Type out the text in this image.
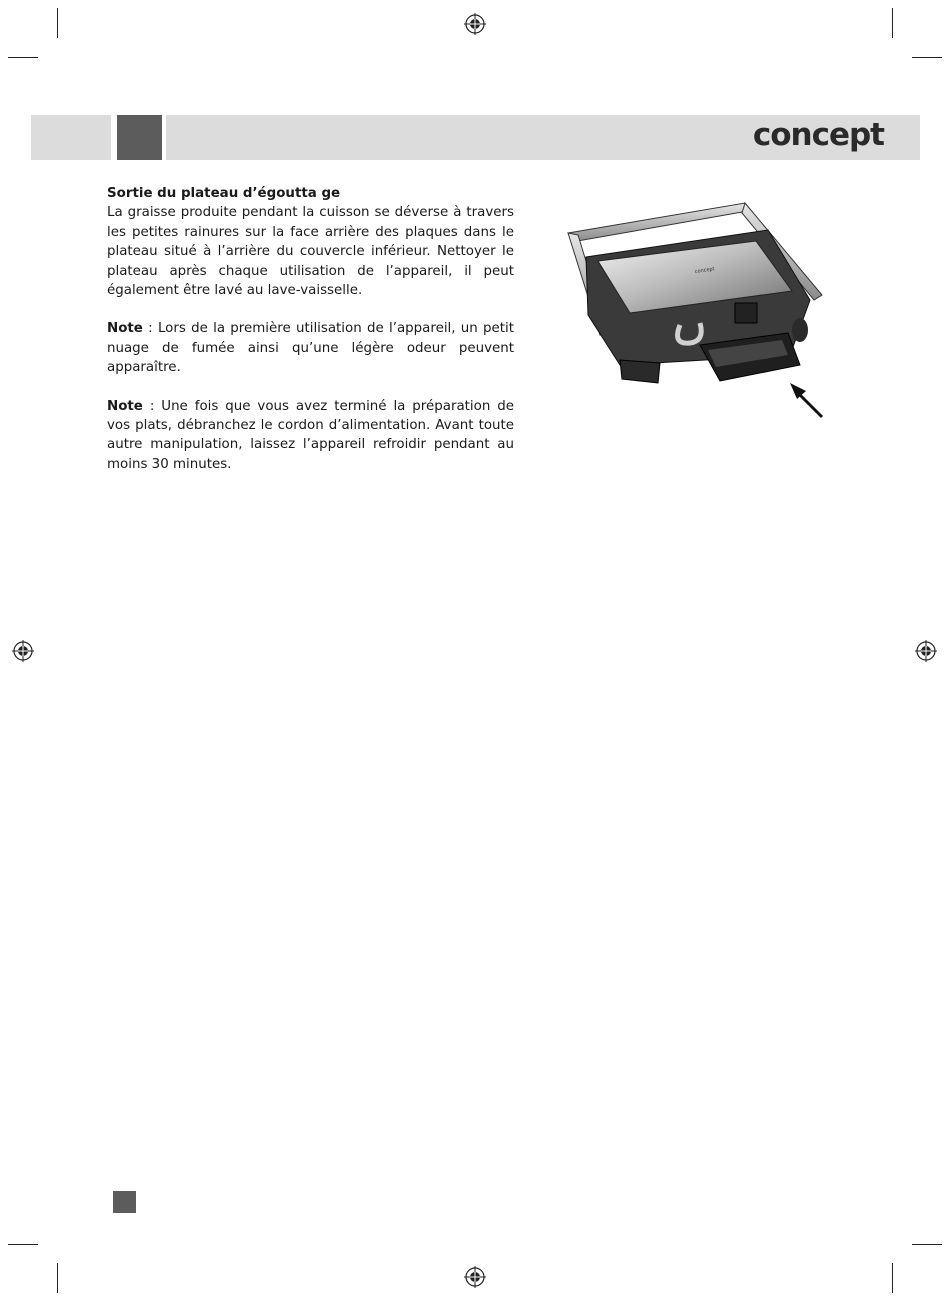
concept

Sortie du plateau d’égoutta ge

La graisse produite pendant la cuisson se déverse à travers les petites rainures sur la face arrière des plaques dans le plateau situé à l’arrière du couvercle inférieur. Nettoyer le plateau après chaque utilisation de l’appareil, il peut également être lavé au lave-vaisselle.

Note : Lors de la première utilisation de l’appareil, un petit nuage de fumée ainsi qu’une légère odeur peuvent apparaître.

Note : Une fois que vous avez terminé la préparation de vos plats, débranchez le cordon d’alimentation. Avant toute autre manipulation, laissez l’appareil refroidir pendant au moins 30 minutes.

concept
